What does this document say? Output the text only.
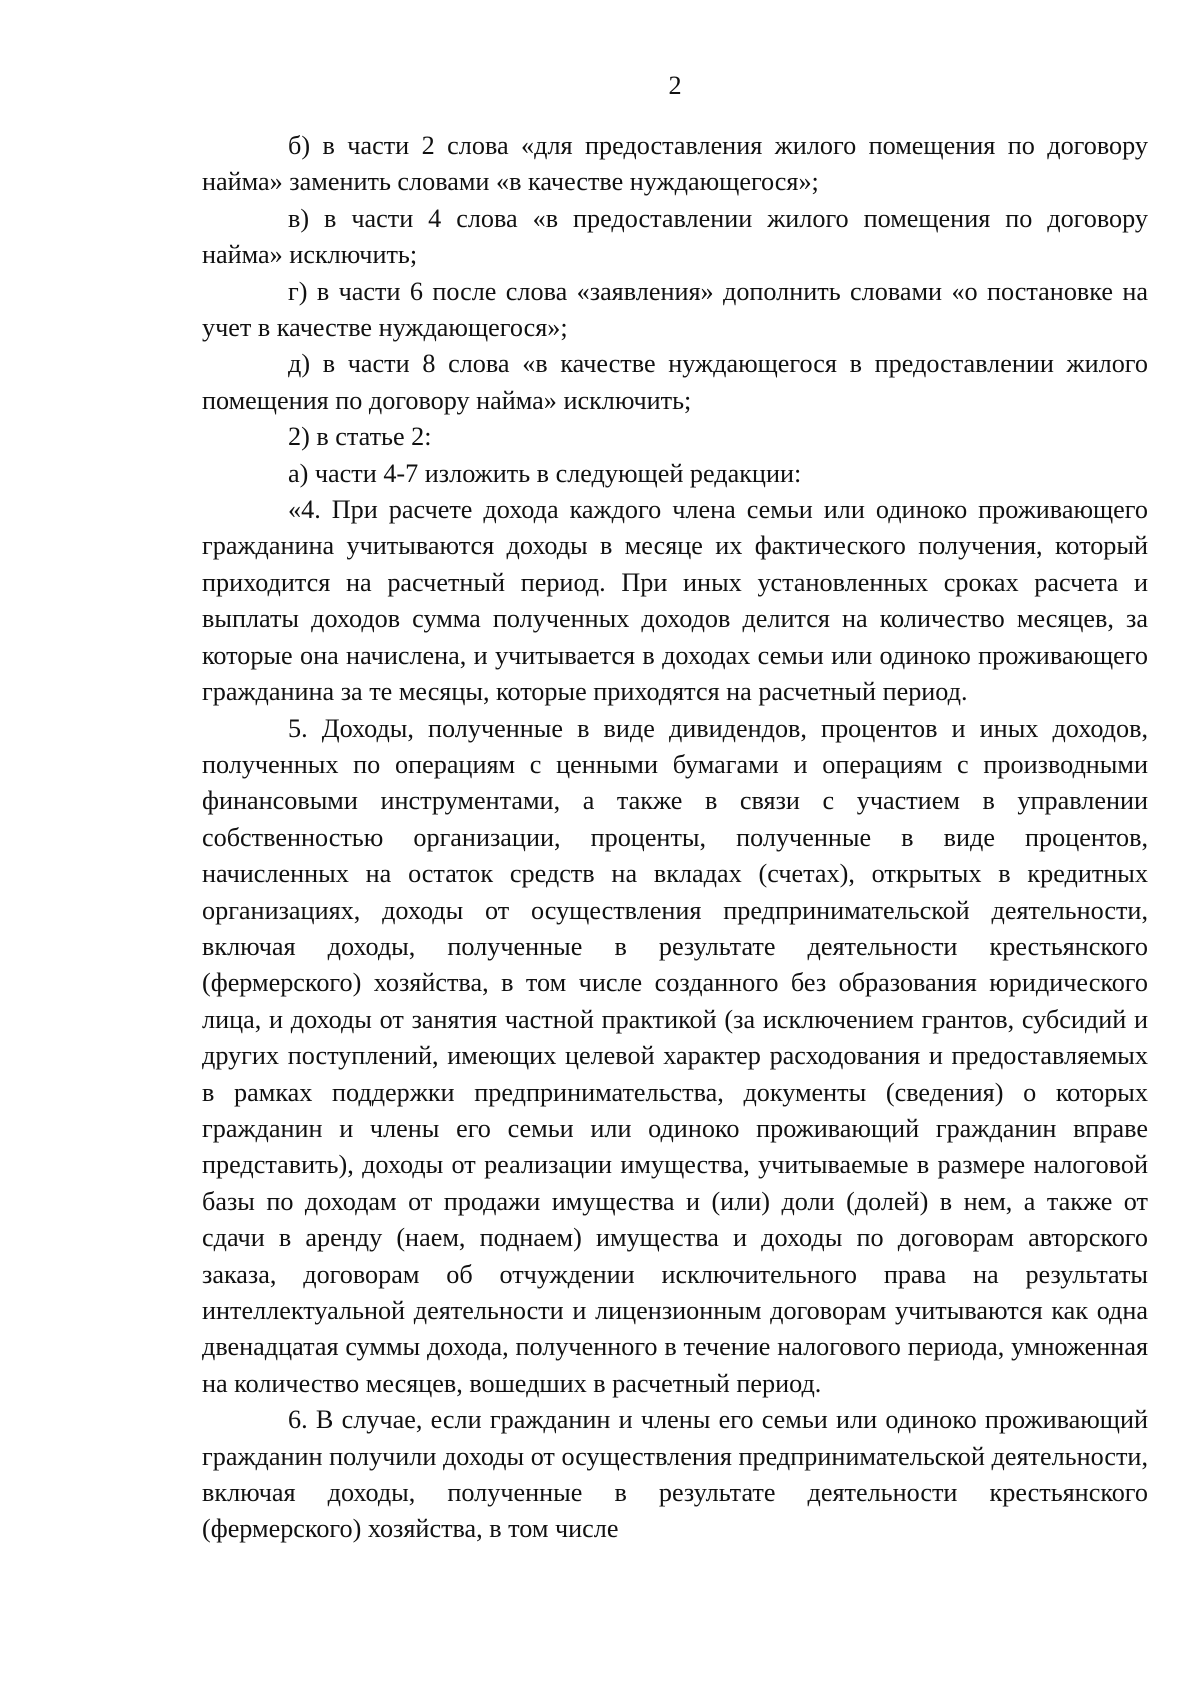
2

б) в части 2 слова «для предоставления жилого помещения по договору найма» заменить словами «в качестве нуждающегося»;

в) в части 4 слова «в предоставлении жилого помещения по договору найма» исключить;

г) в части 6 после слова «заявления» дополнить словами «о постановке на учет в качестве нуждающегося»;

д) в части 8 слова «в качестве нуждающегося в предоставлении жилого помещения по договору найма» исключить;

2) в статье 2:

а) части 4-7 изложить в следующей редакции:

«4. При расчете дохода каждого члена семьи или одиноко проживающего гражданина учитываются доходы в месяце их фактического получения, который приходится на расчетный период. При иных установленных сроках расчета и выплаты доходов сумма полученных доходов делится на количество месяцев, за которые она начислена, и учитывается в доходах семьи или одиноко проживающего гражданина за те месяцы, которые приходятся на расчетный период.

5. Доходы, полученные в виде дивидендов, процентов и иных доходов, полученных по операциям с ценными бумагами и операциям с производными финансовыми инструментами, а также в связи с участием в управлении собственностью организации, проценты, полученные в виде процентов, начисленных на остаток средств на вкладах (счетах), открытых в кредитных организациях, доходы от осуществления предпринимательской деятельности, включая доходы, полученные в результате деятельности крестьянского (фермерского) хозяйства, в том числе созданного без образования юридического лица, и доходы от занятия частной практикой (за исключением грантов, субсидий и других поступлений, имеющих целевой характер расходования и предоставляемых в рамках поддержки предпринимательства, документы (сведения) о которых гражданин и члены его семьи или одиноко проживающий гражданин вправе представить), доходы от реализации имущества, учитываемые в размере налоговой базы по доходам от продажи имущества и (или) доли (долей) в нем, а также от сдачи в аренду (наем, поднаем) имущества и доходы по договорам авторского заказа, договорам об отчуждении исключительного права на результаты интеллектуальной деятельности и лицензионным договорам учитываются как одна двенадцатая суммы дохода, полученного в течение налогового периода, умноженная на количество месяцев, вошедших в расчетный период.

6. В случае, если гражданин и члены его семьи или одиноко проживающий гражданин получили доходы от осуществления предпринимательской деятельности, включая доходы, полученные в результате деятельности крестьянского (фермерского) хозяйства, в том числе
